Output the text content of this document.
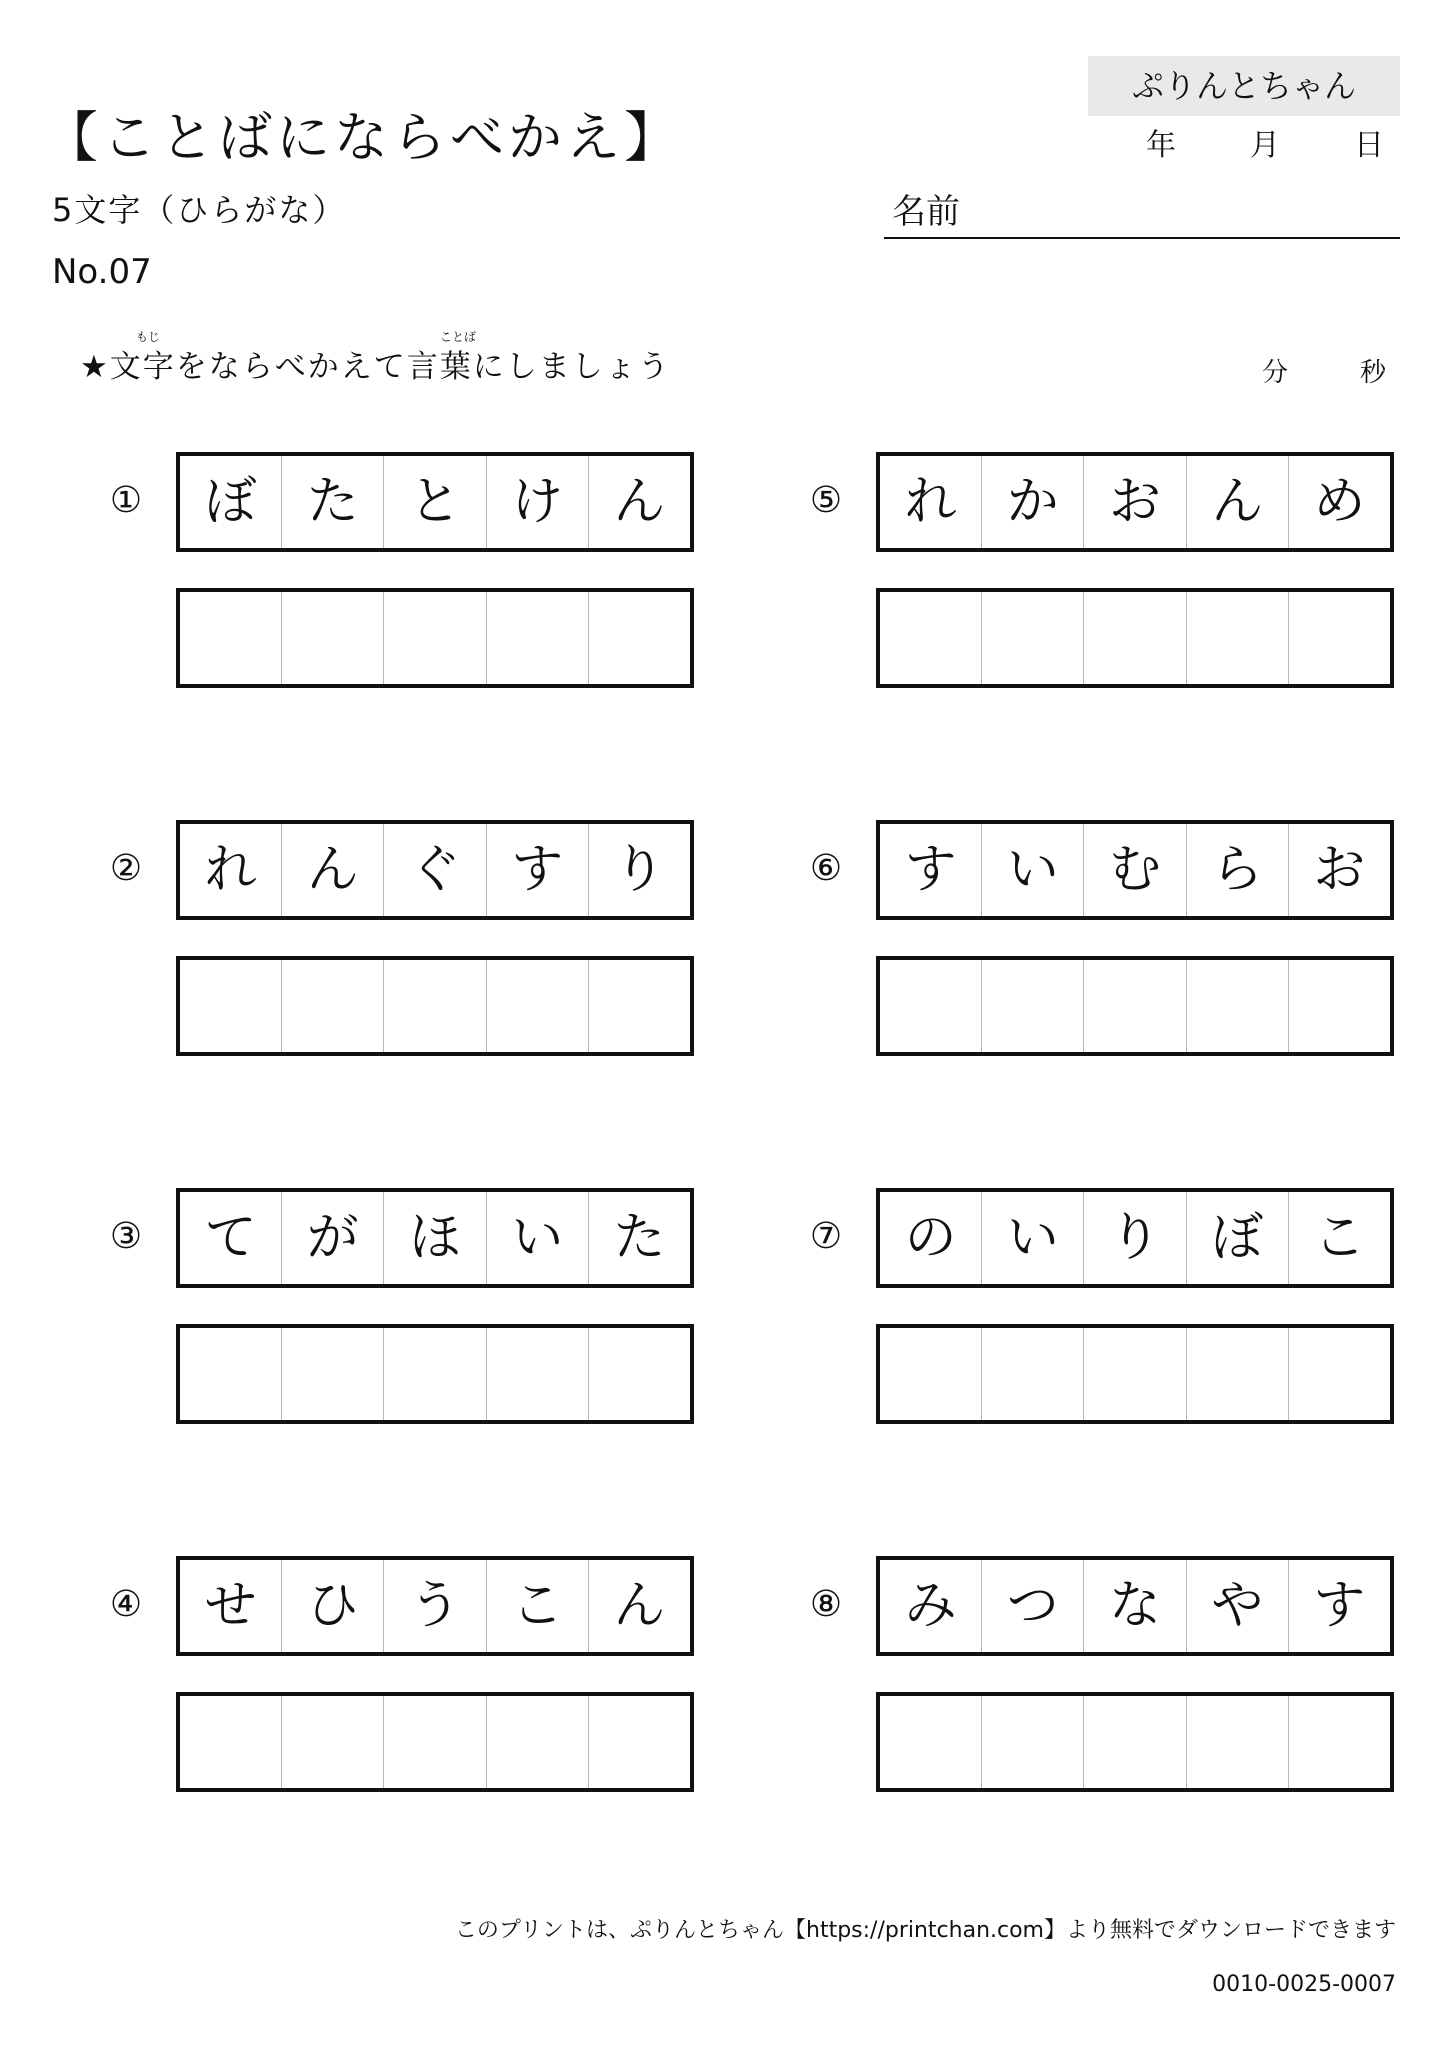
ぷりんとちゃん
【ことばにならべかえ】
5文字（ひらがな）
No.07
年 月 日
名前
もじ	ことば
★文字をならべかえて言葉にしましょう	分	秒
①	ぼ た と け ん
②	れ ん ぐ す り
③	て が ほ い た
④	せ ひ う こ ん
⑤	れ か お ん め
⑥	す い む ら お
⑦	の い り ぼ こ
⑧	み つ な や す
このプリントは、ぷりんとちゃん【https://printchan.com】より無料でダウンロードできます
0010-0025-0007
